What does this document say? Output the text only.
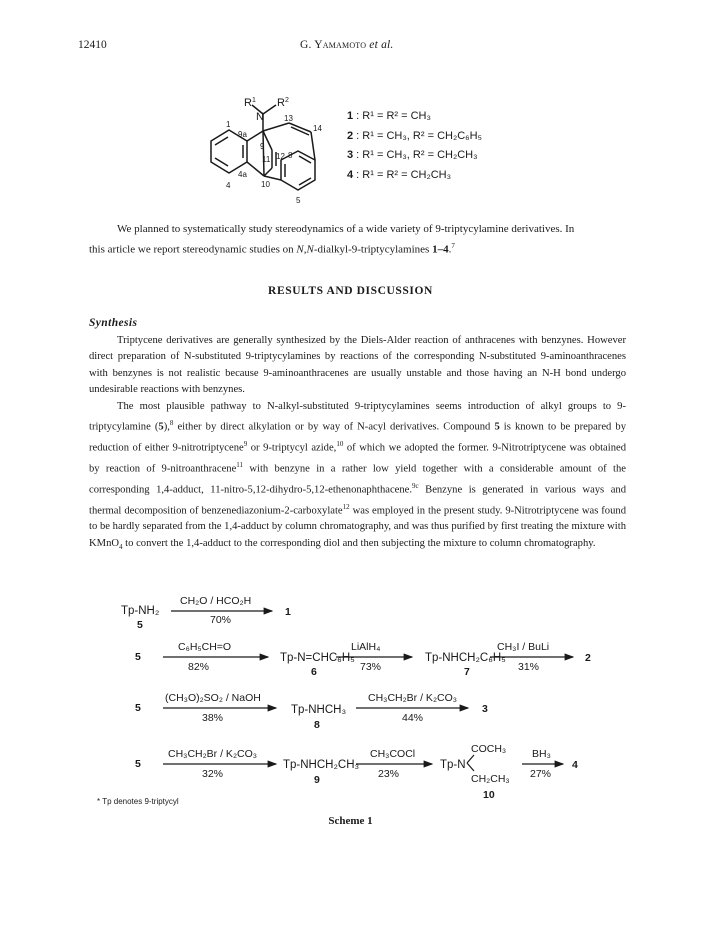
12410	G. Yamamoto et al.
$R^1$
N
$R^2$
13
14
1
9a
9
11 12 8
4a
4	10
5
1 : R¹ = R² = CH₃
2 : R¹ = CH₃, R² = CH₂C₆H₅
3 : R¹ = CH₃, R² = CH₂CH₃
4 : R¹ = R² = CH₂CH₃
We planned to systematically study stereodynamics of a wide variety of 9-triptycylamine derivatives. In
this article we report stereodynamic studies on N,N-dialkyl-9-triptycylamines 1–4.$^7$
RESULTS AND DISCUSSION
Synthesis

Triptycene derivatives are generally synthesized by the Diels-Alder reaction of anthracenes with benzynes. However direct preparation of N-substituted 9-triptycylamines by reactions of the corresponding N-substituted 9-aminoanthracenes with benzynes is not realistic because 9-aminoanthracenes are usually unstable and those having an N-H bond undergo undesirable reactions with benzynes.

The most plausible pathway to N-alkyl-substituted 9-triptycylamines seems introduction of alkyl groups to 9-triptycylamine (5),$^8$ either by direct alkylation or by way of N-acyl derivatives. Compound 5 is known to be prepared by reduction of either 9-nitrotriptycene$^9$ or 9-triptycyl azide,$^{10}$ of which we adopted the former. 9-Nitrotriptycene was obtained by reaction of 9-nitroanthracene$^{11}$ with benzyne in a rather low yield together with a considerable amount of the corresponding 1,4-adduct, 11-nitro-5,12-dihydro-5,12-ethenonaphthacene.$^{9c}$ Benzyne is generated in various ways and thermal decomposition of benzenediazonium-2-carboxylate$^{12}$ was employed in the present study. 9-Nitrotriptycene was found to be hardly separated from the 1,4-adduct by column chromatography, and was thus purified by first treating the mixture with KMnO$_4$ to convert the 1,4-adduct to the corresponding diol and then subjecting the mixture to column chromatography.

Tp-NH₂
5
CH₂O / HCO₂H
70%
1
5
C₆H₅CH=O
82%
Tp-N=CHC₆H₅
6
LiAlH₄
73%
Tp-NHCH₂C₆H₅
7
CH₃I / BuLi
31%
2
5
(CH₃O)₂SO₂ / NaOH
38%
Tp-NHCH₃
8
CH₃CH₂Br / K₂CO₃
44%
3
5
CH₃CH₂Br / K₂CO₃
32%
Tp-NHCH₂CH₃
9
CH₃COCl
23%
COCH₃
Tp-N
CH₂CH₃
10
BH₃
27%
4
* Tp denotes 9-triptycyl
Scheme 1
